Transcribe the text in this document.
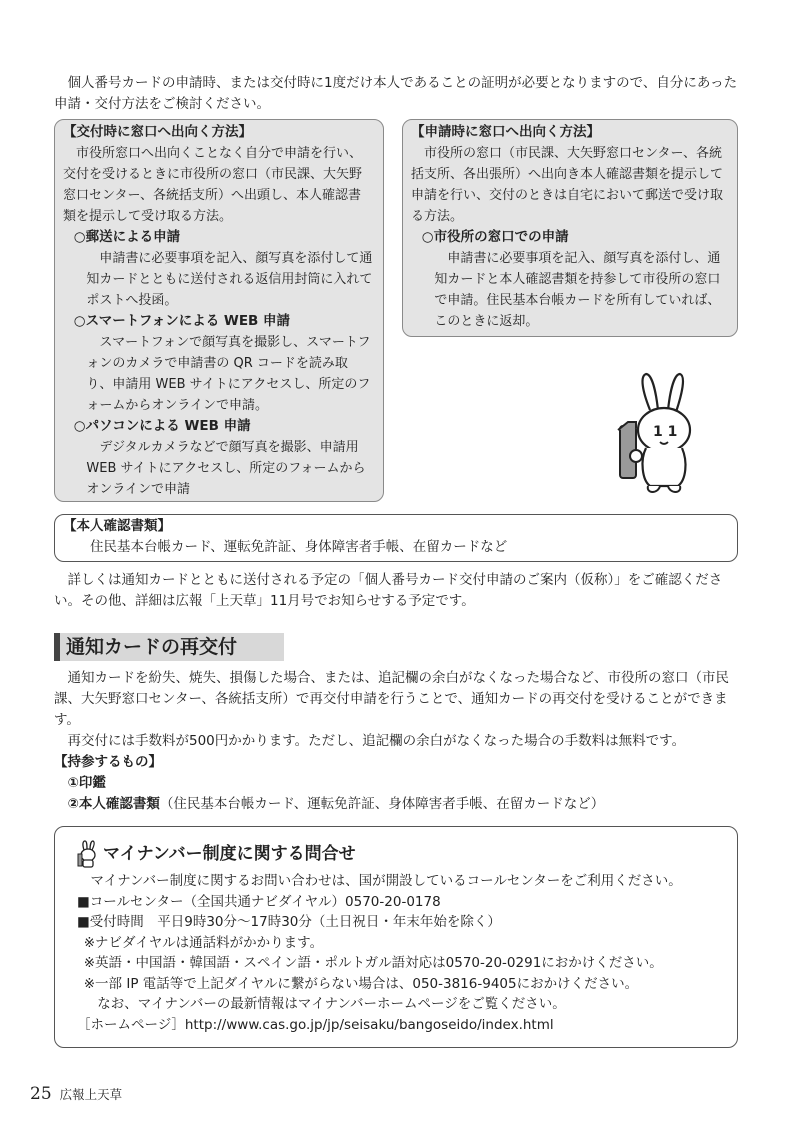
個人番号カードの申請時、または交付時に1度だけ本人であることの証明が必要となりますので、自分にあった申請・交付方法をご検討ください。
【交付時に窓口へ出向く方法】
市役所窓口へ出向くことなく自分で申請を行い、交付を受けるときに市役所の窓口（市民課、大矢野窓口センター、各統括支所）へ出頭し、本人確認書類を提示して受け取る方法。
○郵送による申請
申請書に必要事項を記入、顔写真を添付して通知カードとともに送付される返信用封筒に入れてポストへ投函。
○スマートフォンによる WEB 申請
スマートフォンで顔写真を撮影し、スマートフォンのカメラで申請書の QR コードを読み取り、申請用 WEB サイトにアクセスし、所定のフォームからオンラインで申請。
○パソコンによる WEB 申請
デジタルカメラなどで顔写真を撮影、申請用 WEB サイトにアクセスし、所定のフォームからオンラインで申請
【申請時に窓口へ出向く方法】
市役所の窓口（市民課、大矢野窓口センター、各統括支所、各出張所）へ出向き本人確認書類を提示して申請を行い、交付のときは自宅において郵送で受け取る方法。
○市役所の窓口での申請
申請書に必要事項を記入、顔写真を添付し、通知カードと本人確認書類を持参して市役所の窓口で申請。住民基本台帳カードを所有していれば、このときに返却。
1 1
【本人確認書類】
住民基本台帳カード、運転免許証、身体障害者手帳、在留カードなど
詳しくは通知カードとともに送付される予定の「個人番号カード交付申請のご案内（仮称）」をご確認ください。その他、詳細は広報「上天草」11月号でお知らせする予定です。
通知カードの再交付
通知カードを紛失、焼失、損傷した場合、または、追記欄の余白がなくなった場合など、市役所の窓口（市民課、大矢野窓口センター、各統括支所）で再交付申請を行うことで、通知カードの再交付を受けることができます。
再交付には手数料が500円かかります。ただし、追記欄の余白がなくなった場合の手数料は無料です。
【持参するもの】
①印鑑
②本人確認書類（住民基本台帳カード、運転免許証、身体障害者手帳、在留カードなど）
マイナンバー制度に関する問合せ
マイナンバー制度に関するお問い合わせは、国が開設しているコールセンターをご利用ください。
■コールセンター（全国共通ナビダイヤル）0570-20-0178
■受付時間　平日9時30分～17時30分（土日祝日・年末年始を除く）
※ナビダイヤルは通話料がかかります。
※英語・中国語・韓国語・スペイン語・ポルトガル語対応は0570-20-0291におかけください。
※一部 IP 電話等で上記ダイヤルに繋がらない場合は、050-3816-9405におかけください。
なお、マイナンバーの最新情報はマイナンバーホームページをご覧ください。
［ホームページ］http://www.cas.go.jp/jp/seisaku/bangoseido/index.html
25 広報上天草
